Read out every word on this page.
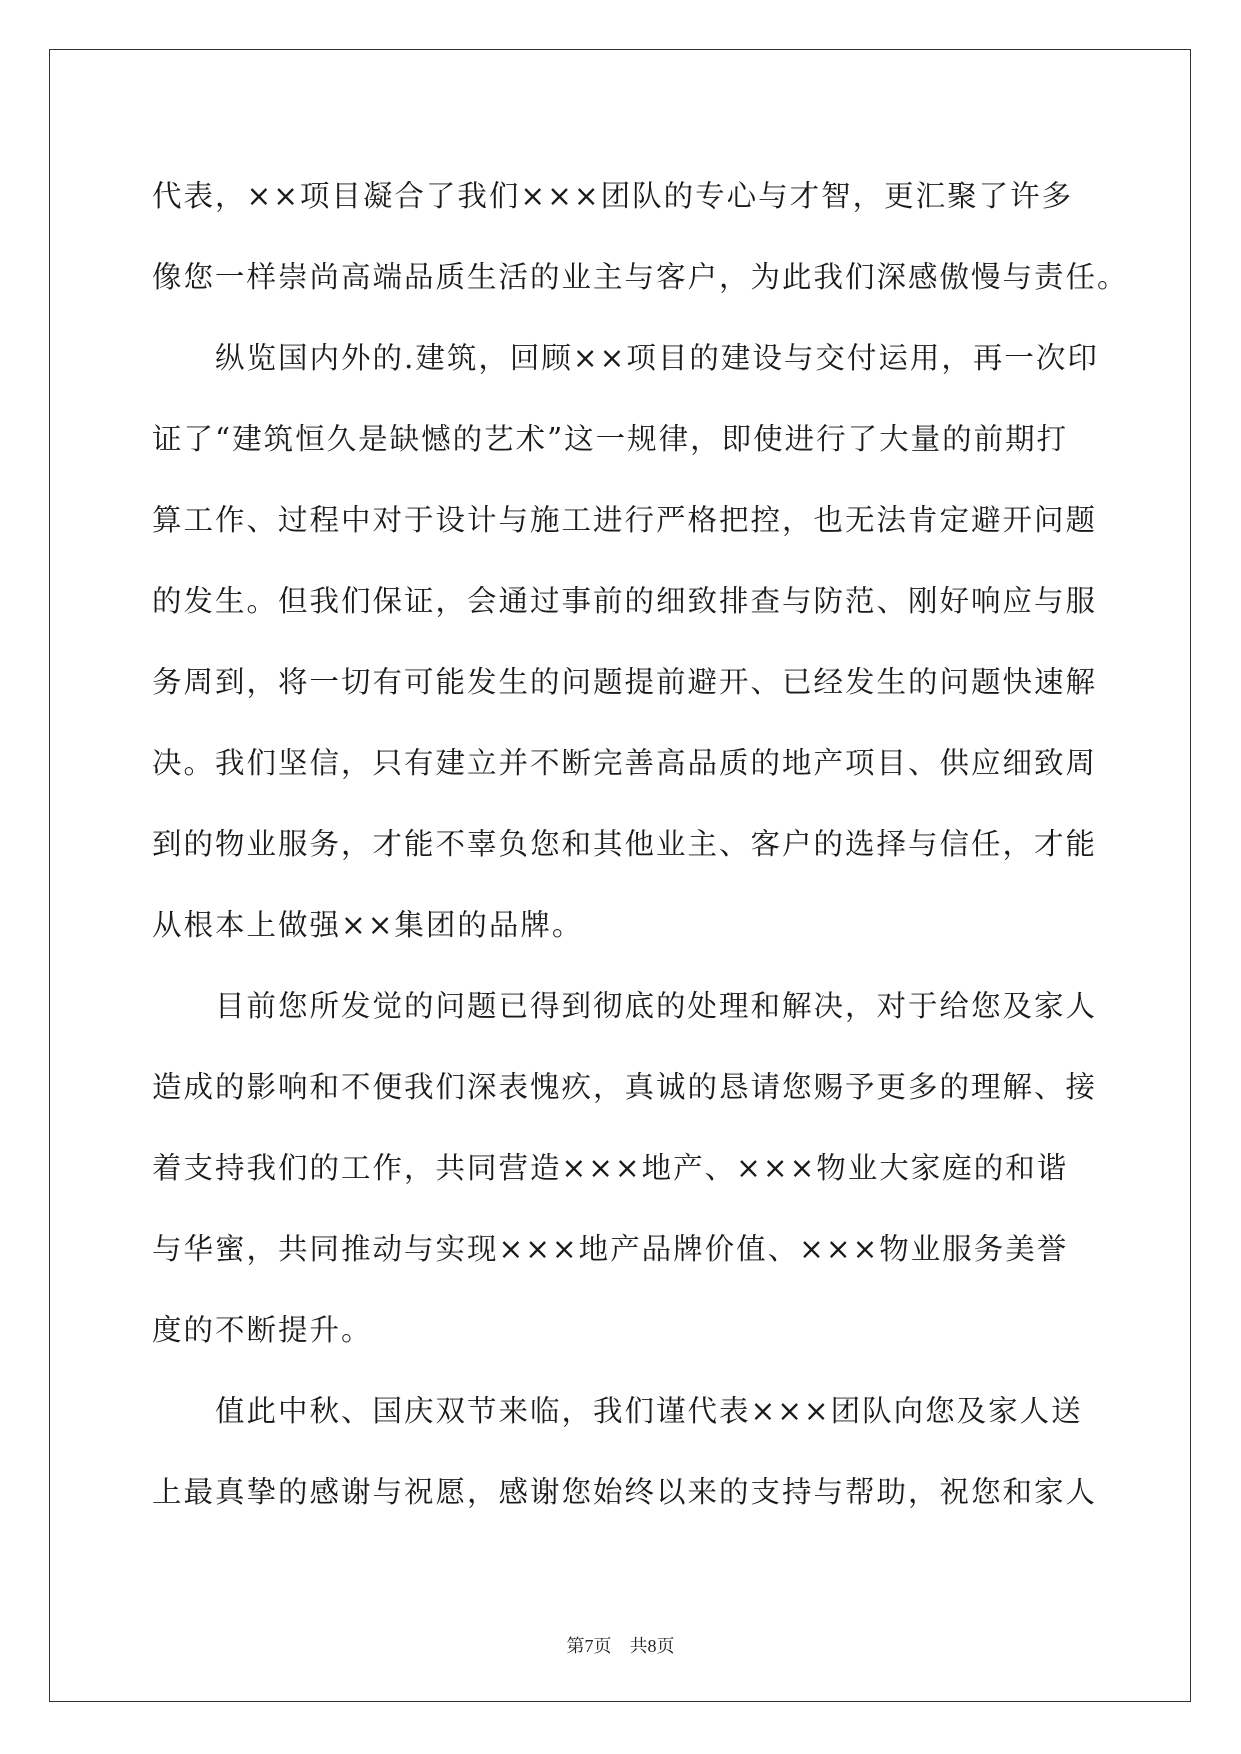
代表，××项目凝合了我们×××团队的专心与才智，更汇聚了许多
像您一样崇尚高端品质生活的业主与客户，为此我们深感傲慢与责任。
纵览国内外的.建筑，回顾××项目的建设与交付运用，再一次印
证了“建筑恒久是缺憾的艺术”这一规律，即使进行了大量的前期打
算工作、过程中对于设计与施工进行严格把控，也无法肯定避开问题
的发生。但我们保证，会通过事前的细致排查与防范、刚好响应与服
务周到，将一切有可能发生的问题提前避开、已经发生的问题快速解
决。我们坚信，只有建立并不断完善高品质的地产项目、供应细致周
到的物业服务，才能不辜负您和其他业主、客户的选择与信任，才能
从根本上做强××集团的品牌。
目前您所发觉的问题已得到彻底的处理和解决，对于给您及家人
造成的影响和不便我们深表愧疚，真诚的恳请您赐予更多的理解、接
着支持我们的工作，共同营造×××地产、×××物业大家庭的和谐
与华蜜，共同推动与实现×××地产品牌价值、×××物业服务美誉
度的不断提升。
值此中秋、国庆双节来临，我们谨代表×××团队向您及家人送
上最真挚的感谢与祝愿，感谢您始终以来的支持与帮助，祝您和家人
第7页　共8页
